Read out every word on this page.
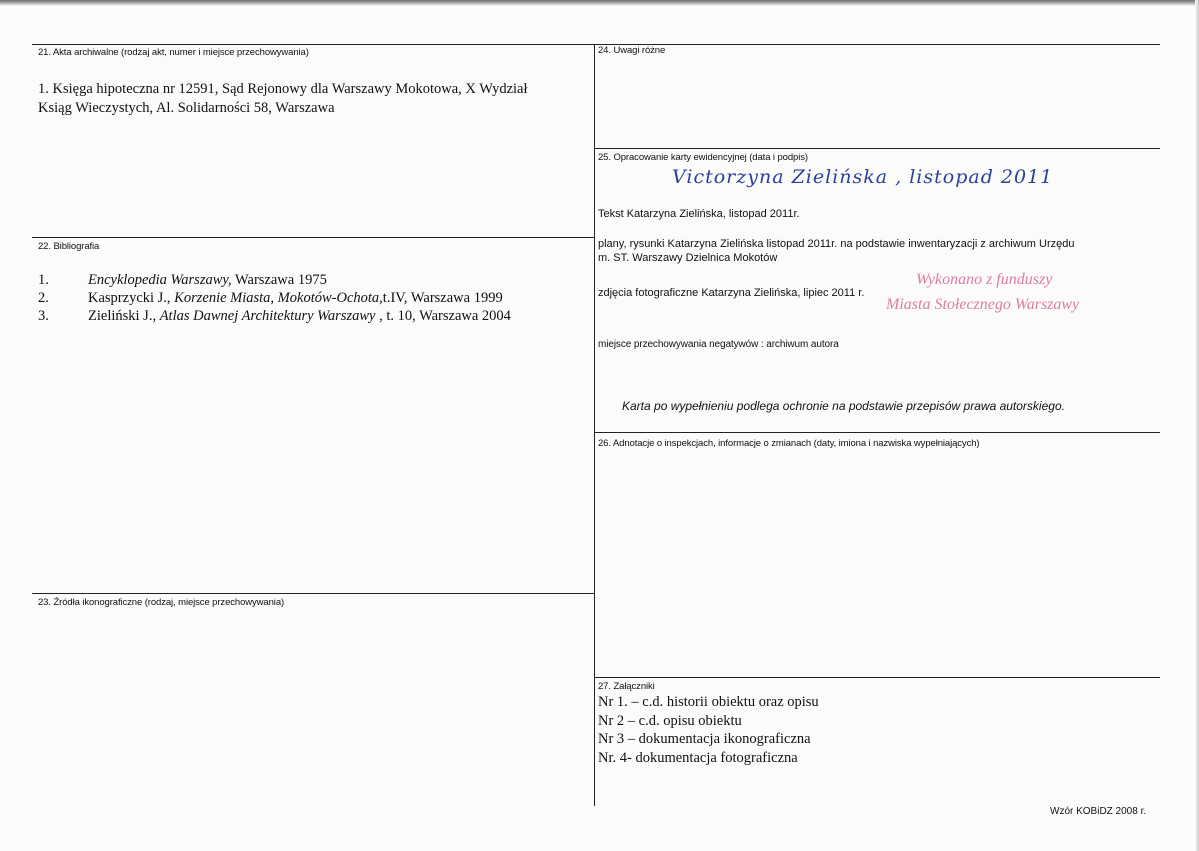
21. Akta archiwalne (rodzaj akt, numer i miejsce przechowywania)
1. Księga hipoteczna nr 12591, Sąd Rejonowy dla Warszawy Mokotowa, X Wydział
Ksiąg Wieczystych, Al. Solidarności 58, Warszawa
22. Bibliografia
1.	Encyklopedia Warszawy, Warszawa 1975
2.	Kasprzycki J., Korzenie Miasta, Mokotów-Ochota,t.IV, Warszawa 1999
3.	Zieliński J., Atlas Dawnej Architektury Warszawy , t. 10, Warszawa 2004
23. Źródła ikonograficzne (rodzaj, miejsce przechowywania)
24. Uwagi różne
25. Opracowanie karty ewidencyjnej (data i podpis)
Victorzyna Zielińska , listopad 2011
Tekst Katarzyna Zielińska, listopad 2011r.
plany, rysunki Katarzyna Zielińska listopad 2011r. na podstawie inwentaryzacji z archiwum Urzędu
m. ST. Warszawy Dzielnica Mokotów
zdjęcia fotograficzne Katarzyna Zielińska, lipiec 2011 r.
Wykonano z funduszy
Miasta Stołecznego Warszawy
miejsce przechowywania negatywów : archiwum autora
Karta po wypełnieniu podlega ochronie na podstawie przepisów prawa autorskiego.
26. Adnotacje o inspekcjach, informacje o zmianach (daty, imiona i nazwiska wypełniających)
27. Załączniki
Nr 1. – c.d. historii obiektu oraz opisu
Nr 2 – c.d. opisu obiektu
Nr 3 – dokumentacja ikonograficzna
Nr. 4- dokumentacja fotograficzna
Wzór KOBiDZ 2008 r.
